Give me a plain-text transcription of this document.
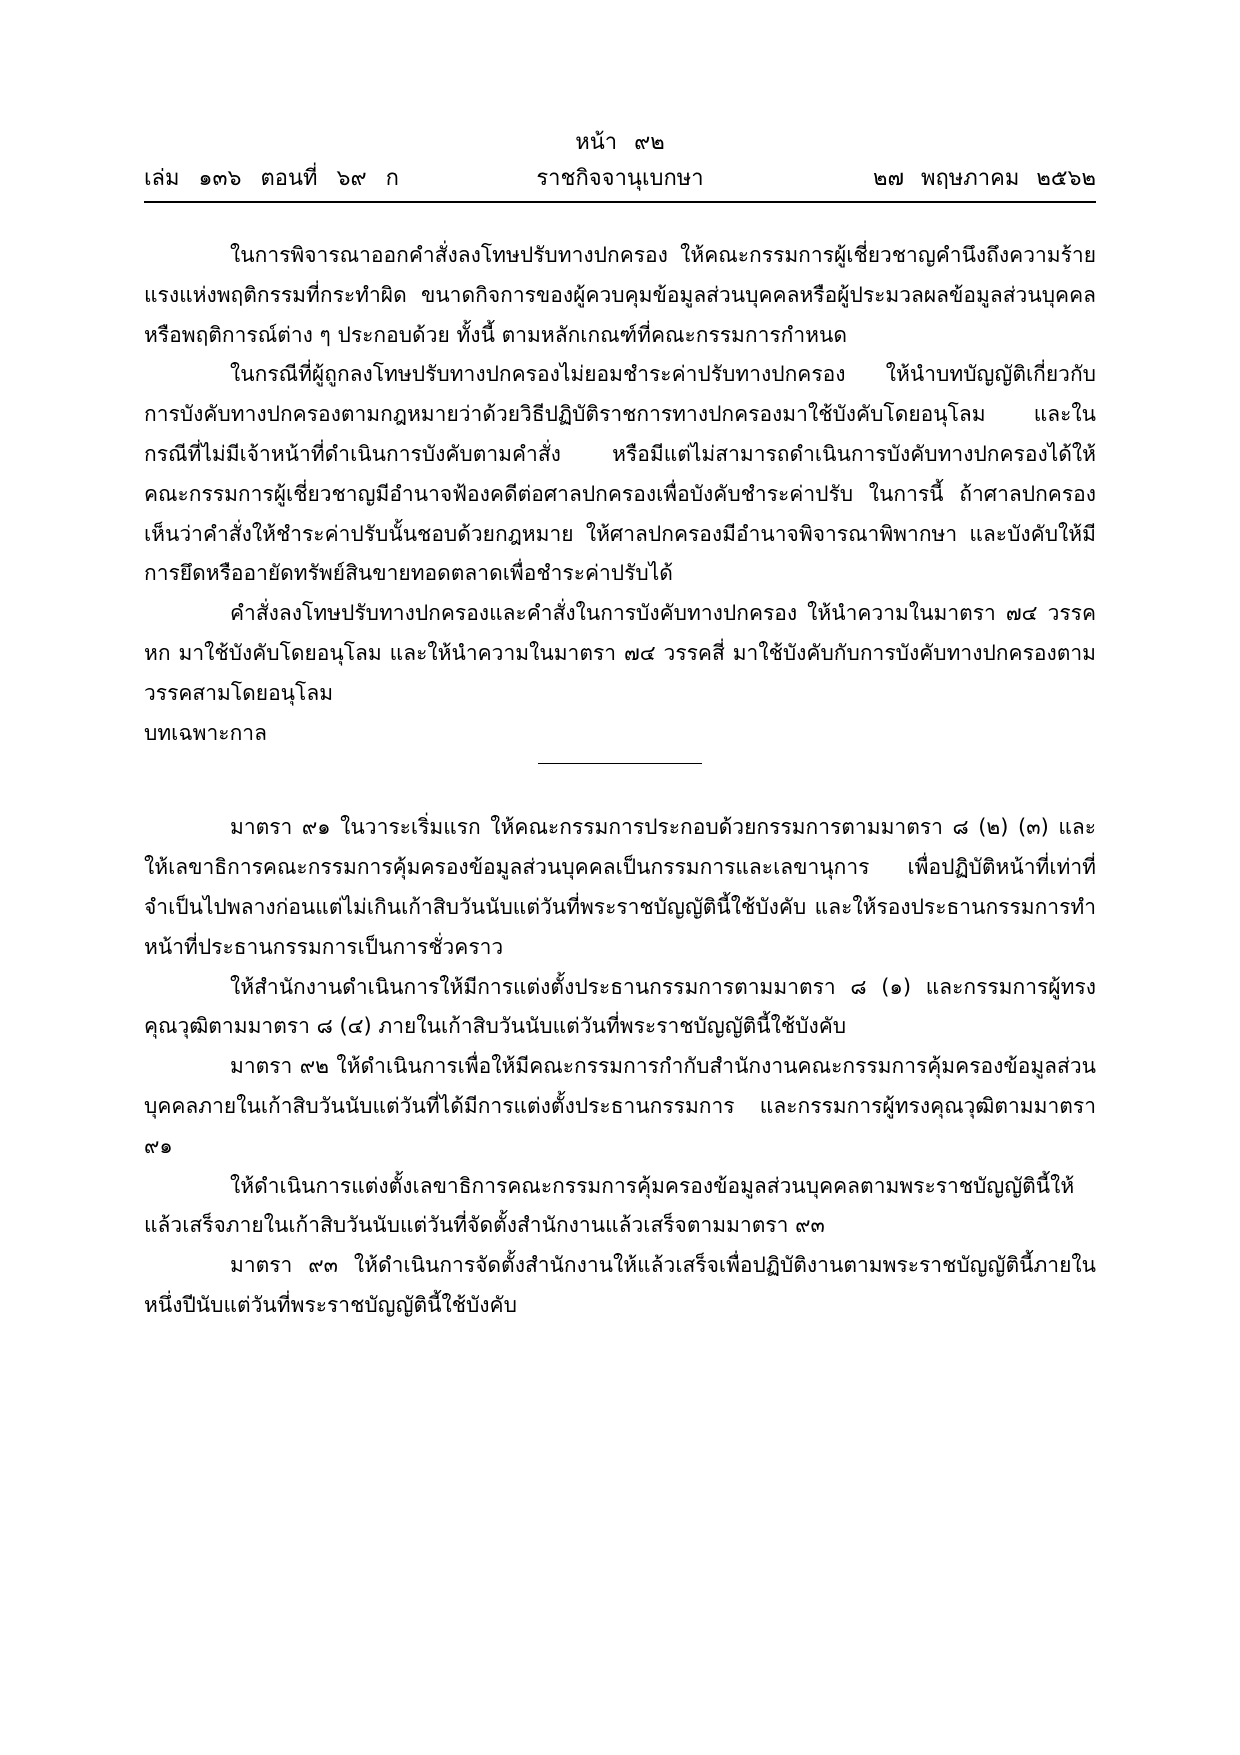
หน้า ๙๒
เล่ม ๑๓๖ ตอนที่ ๖๙ ก	ราชกิจจานุเบกษา	๒๗ พฤษภาคม ๒๕๖๒

ในการพิจารณาออกคำสั่งลงโทษปรับทางปกครอง ให้คณะกรรมการผู้เชี่ยวชาญคำนึงถึงความร้ายแรงแห่งพฤติกรรมที่กระทำผิด ขนาดกิจการของผู้ควบคุมข้อมูลส่วนบุคคลหรือผู้ประมวลผลข้อมูลส่วนบุคคล หรือพฤติการณ์ต่าง ๆ ประกอบด้วย ทั้งนี้ ตามหลักเกณฑ์ที่คณะกรรมการกำหนด

ในกรณีที่ผู้ถูกลงโทษปรับทางปกครองไม่ยอมชำระค่าปรับทางปกครอง ให้นำบทบัญญัติเกี่ยวกับการบังคับทางปกครองตามกฎหมายว่าด้วยวิธีปฏิบัติราชการทางปกครองมาใช้บังคับโดยอนุโลม และในกรณีที่ไม่มีเจ้าหน้าที่ดำเนินการบังคับตามคำสั่ง หรือมีแต่ไม่สามารถดำเนินการบังคับทางปกครองได้ให้คณะกรรมการผู้เชี่ยวชาญมีอำนาจฟ้องคดีต่อศาลปกครองเพื่อบังคับชำระค่าปรับ ในการนี้ ถ้าศาลปกครองเห็นว่าคำสั่งให้ชำระค่าปรับนั้นชอบด้วยกฎหมาย ให้ศาลปกครองมีอำนาจพิจารณาพิพากษา และบังคับให้มีการยึดหรืออายัดทรัพย์สินขายทอดตลาดเพื่อชำระค่าปรับได้

คำสั่งลงโทษปรับทางปกครองและคำสั่งในการบังคับทางปกครอง ให้นำความในมาตรา ๗๔ วรรคหก มาใช้บังคับโดยอนุโลม และให้นำความในมาตรา ๗๔ วรรคสี่ มาใช้บังคับกับการบังคับทางปกครองตามวรรคสามโดยอนุโลม

บทเฉพาะกาล

มาตรา ๙๑ ในวาระเริ่มแรก ให้คณะกรรมการประกอบด้วยกรรมการตามมาตรา ๘ (๒) (๓) และให้เลขาธิการคณะกรรมการคุ้มครองข้อมูลส่วนบุคคลเป็นกรรมการและเลขานุการ เพื่อปฏิบัติหน้าที่เท่าที่จำเป็นไปพลางก่อนแต่ไม่เกินเก้าสิบวันนับแต่วันที่พระราชบัญญัตินี้ใช้บังคับ และให้รองประธานกรรมการทำหน้าที่ประธานกรรมการเป็นการชั่วคราว

ให้สำนักงานดำเนินการให้มีการแต่งตั้งประธานกรรมการตามมาตรา ๘ (๑) และกรรมการผู้ทรงคุณวุฒิตามมาตรา ๘ (๔) ภายในเก้าสิบวันนับแต่วันที่พระราชบัญญัตินี้ใช้บังคับ

มาตรา ๙๒ ให้ดำเนินการเพื่อให้มีคณะกรรมการกำกับสำนักงานคณะกรรมการคุ้มครองข้อมูลส่วนบุคคลภายในเก้าสิบวันนับแต่วันที่ได้มีการแต่งตั้งประธานกรรมการ และกรรมการผู้ทรงคุณวุฒิตามมาตรา ๙๑

ให้ดำเนินการแต่งตั้งเลขาธิการคณะกรรมการคุ้มครองข้อมูลส่วนบุคคลตามพระราชบัญญัตินี้ให้แล้วเสร็จภายในเก้าสิบวันนับแต่วันที่จัดตั้งสำนักงานแล้วเสร็จตามมาตรา ๙๓

มาตรา ๙๓ ให้ดำเนินการจัดตั้งสำนักงานให้แล้วเสร็จเพื่อปฏิบัติงานตามพระราชบัญญัตินี้ภายในหนึ่งปีนับแต่วันที่พระราชบัญญัตินี้ใช้บังคับ
